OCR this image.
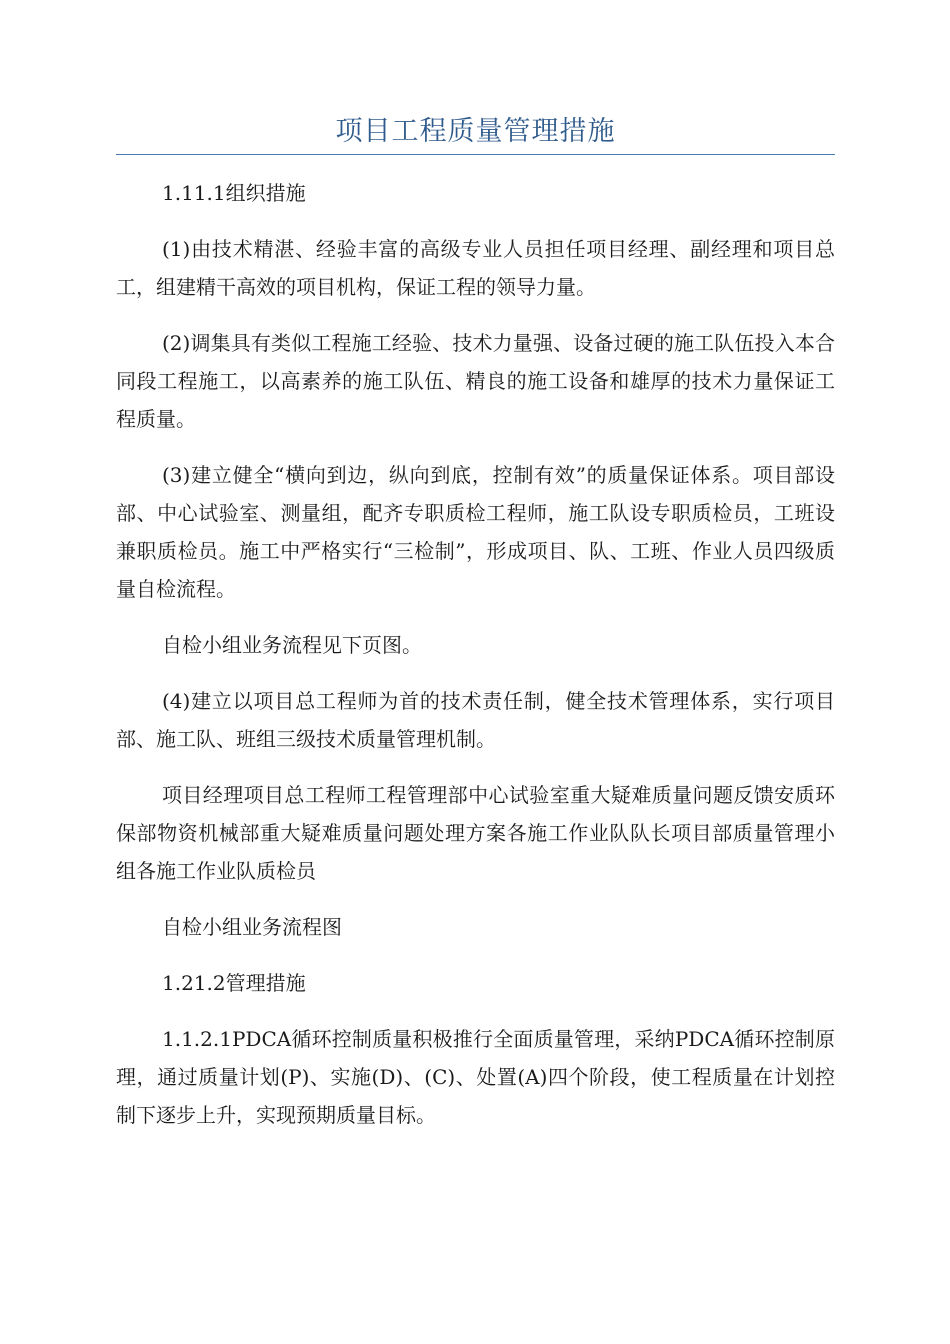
项目工程质量管理措施

1.11.1组织措施

(1)由技术精湛、经验丰富的高级专业人员担任项目经理、副经理和项目总工，组建精干高效的项目机构，保证工程的领导力量。

(2)调集具有类似工程施工经验、技术力量强、设备过硬的施工队伍投入本合同段工程施工，以高素养的施工队伍、精良的施工设备和雄厚的技术力量保证工程质量。

(3)建立健全“横向到边，纵向到底，控制有效”的质量保证体系。项目部设部、中心试验室、测量组，配齐专职质检工程师，施工队设专职质检员，工班设兼职质检员。施工中严格实行“三检制”，形成项目、队、工班、作业人员四级质量自检流程。

自检小组业务流程见下页图。

(4)建立以项目总工程师为首的技术责任制，健全技术管理体系，实行项目部、施工队、班组三级技术质量管理机制。

项目经理项目总工程师工程管理部中心试验室重大疑难质量问题反馈安质环保部物资机械部重大疑难质量问题处理方案各施工作业队队长项目部质量管理小组各施工作业队质检员

自检小组业务流程图

1.21.2管理措施

1.1.2.1PDCA循环控制质量积极推行全面质量管理，采纳PDCA循环控制原理，通过质量计划(P)、实施(D)、(C)、处置(A)四个阶段，使工程质量在计划控制下逐步上升，实现预期质量目标。
